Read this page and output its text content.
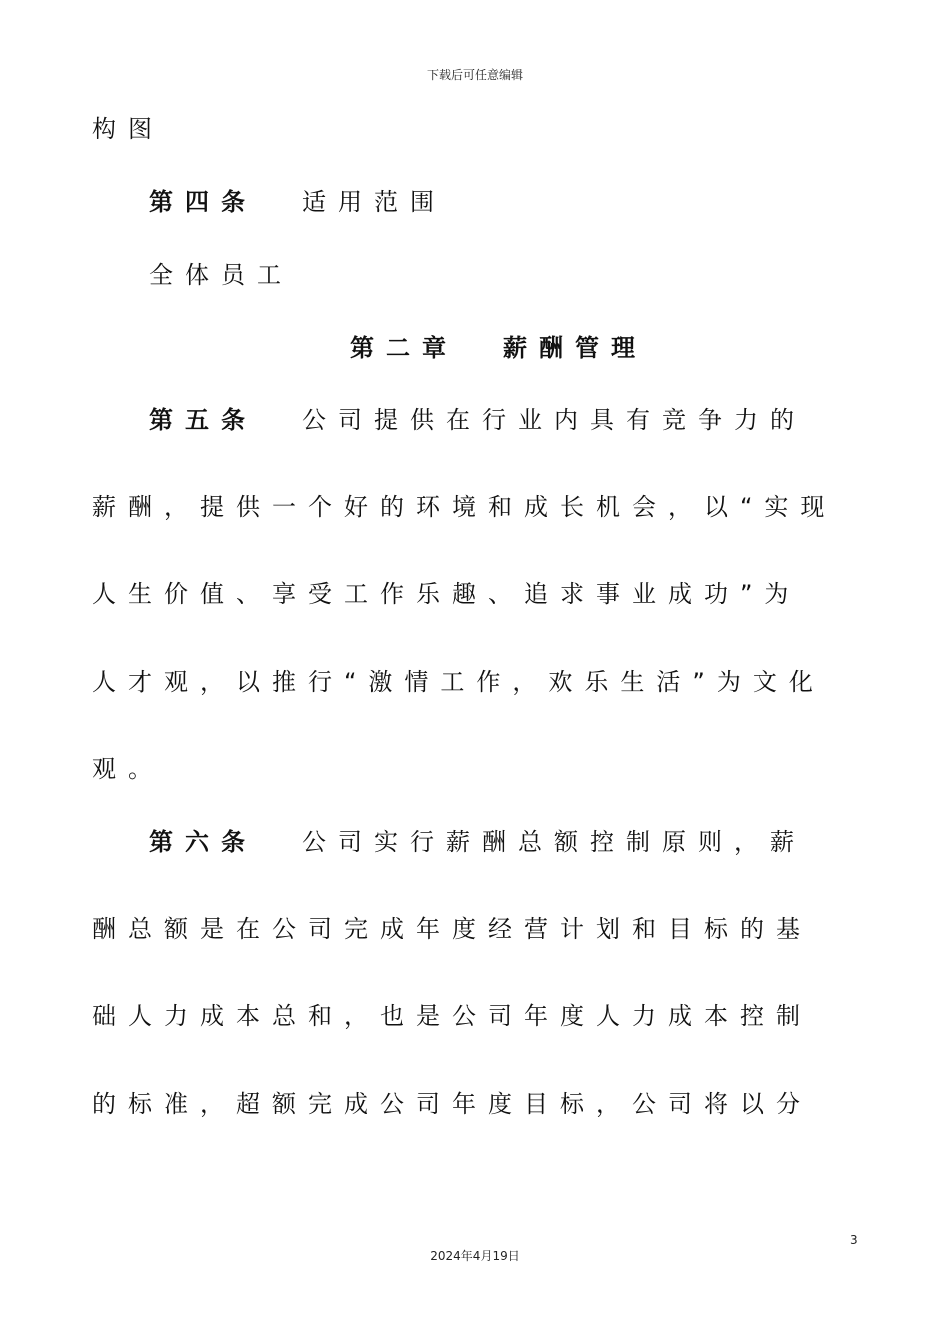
下载后可任意编辑
构图
第四条 适用范围
全体员工
第二章 薪酬管理
第五条 公司提供在行业内具有竞争力的
薪酬，提供一个好的环境和成长机会，以“实现
人生价值、享受工作乐趣、追求事业成功”为
人才观，以推行“激情工作，欢乐生活”为文化
观。
第六条 公司实行薪酬总额控制原则，薪
酬总额是在公司完成年度经营计划和目标的基
础人力成本总和，也是公司年度人力成本控制
的标准，超额完成公司年度目标，公司将以分
3
2024年4月19日
